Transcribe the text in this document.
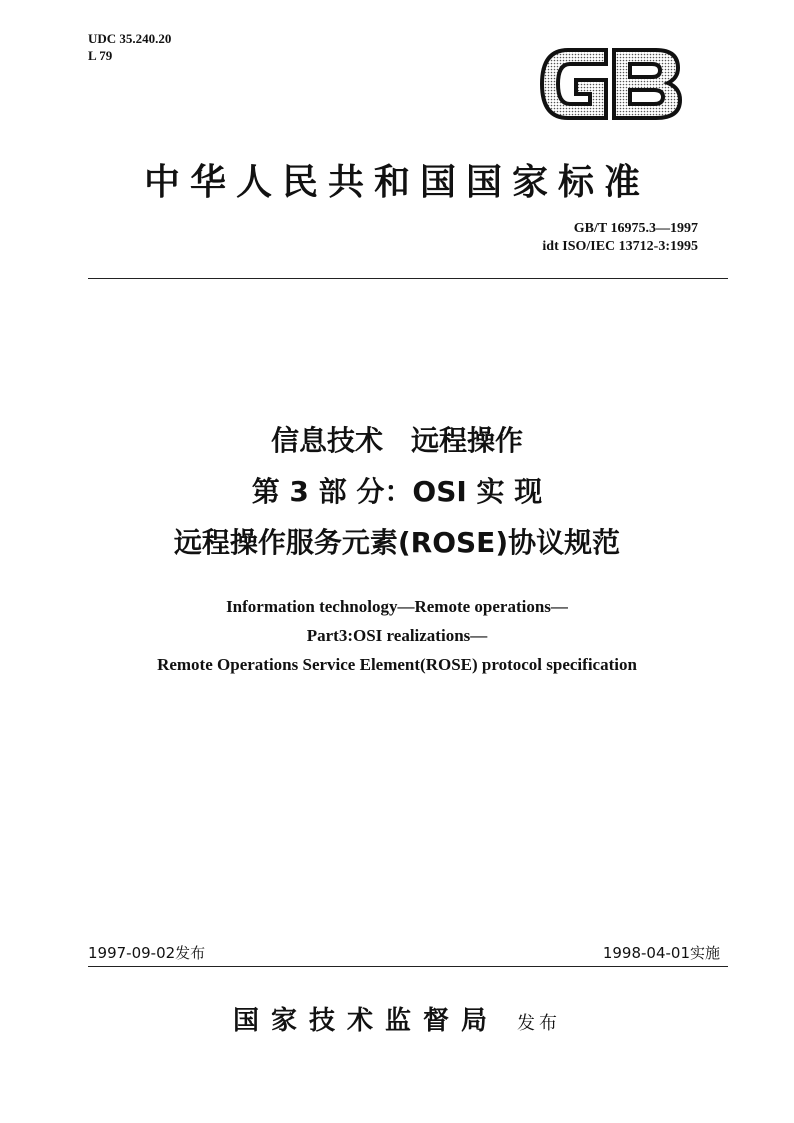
UDC 35.240.20
L 79
中华人民共和国国家标准
GB/T 16975.3—1997
idt ISO/IEC 13712-3:1995
信息技术　远程操作
第 3 部 分：OSI 实 现
远程操作服务元素(ROSE)协议规范
Information technology—Remote operations—
Part3:OSI realizations—
Remote Operations Service Element(ROSE) protocol specification
1997-09-02发布	1998-04-01实施
国家技术监督局 发布
